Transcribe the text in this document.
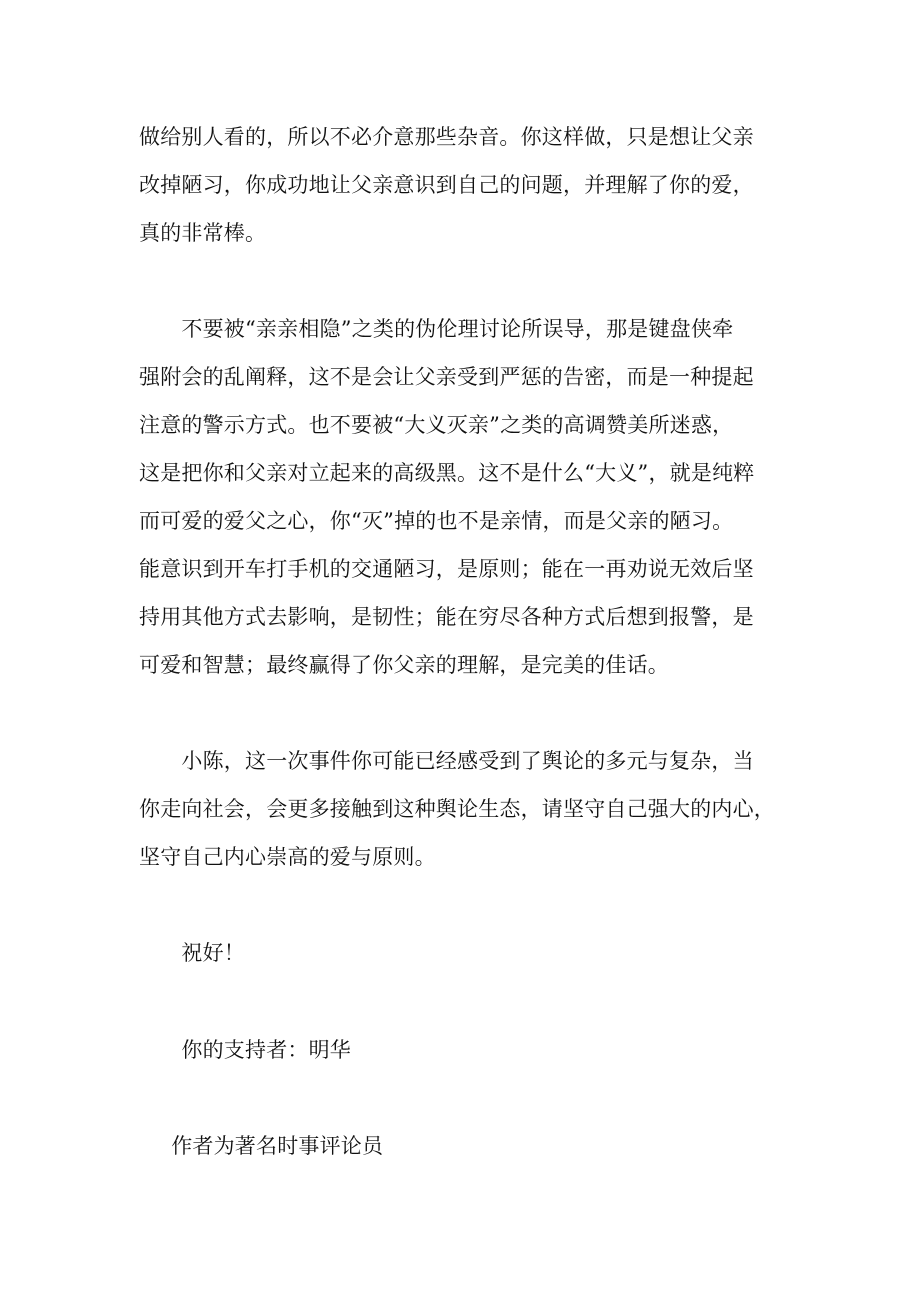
做给别人看的，所以不必介意那些杂音。你这样做，只是想让父亲
改掉陋习，你成功地让父亲意识到自己的问题，并理解了你的爱，
真的非常棒。
　　不要被“亲亲相隐”之类的伪伦理讨论所误导，那是键盘侠牵
强附会的乱阐释，这不是会让父亲受到严惩的告密，而是一种提起
注意的警示方式。也不要被“大义灭亲”之类的高调赞美所迷惑，
这是把你和父亲对立起来的高级黑。这不是什么“大义”，就是纯粹
而可爱的爱父之心，你“灭”掉的也不是亲情，而是父亲的陋习。
能意识到开车打手机的交通陋习，是原则；能在一再劝说无效后坚
持用其他方式去影响，是韧性；能在穷尽各种方式后想到报警，是
可爱和智慧；最终赢得了你父亲的理解，是完美的佳话。
　　小陈，这一次事件你可能已经感受到了舆论的多元与复杂，当
你走向社会，会更多接触到这种舆论生态，请坚守自己强大的内心，
坚守自己内心崇高的爱与原则。
　　祝好！
　　你的支持者：明华
　作者为著名时事评论员
